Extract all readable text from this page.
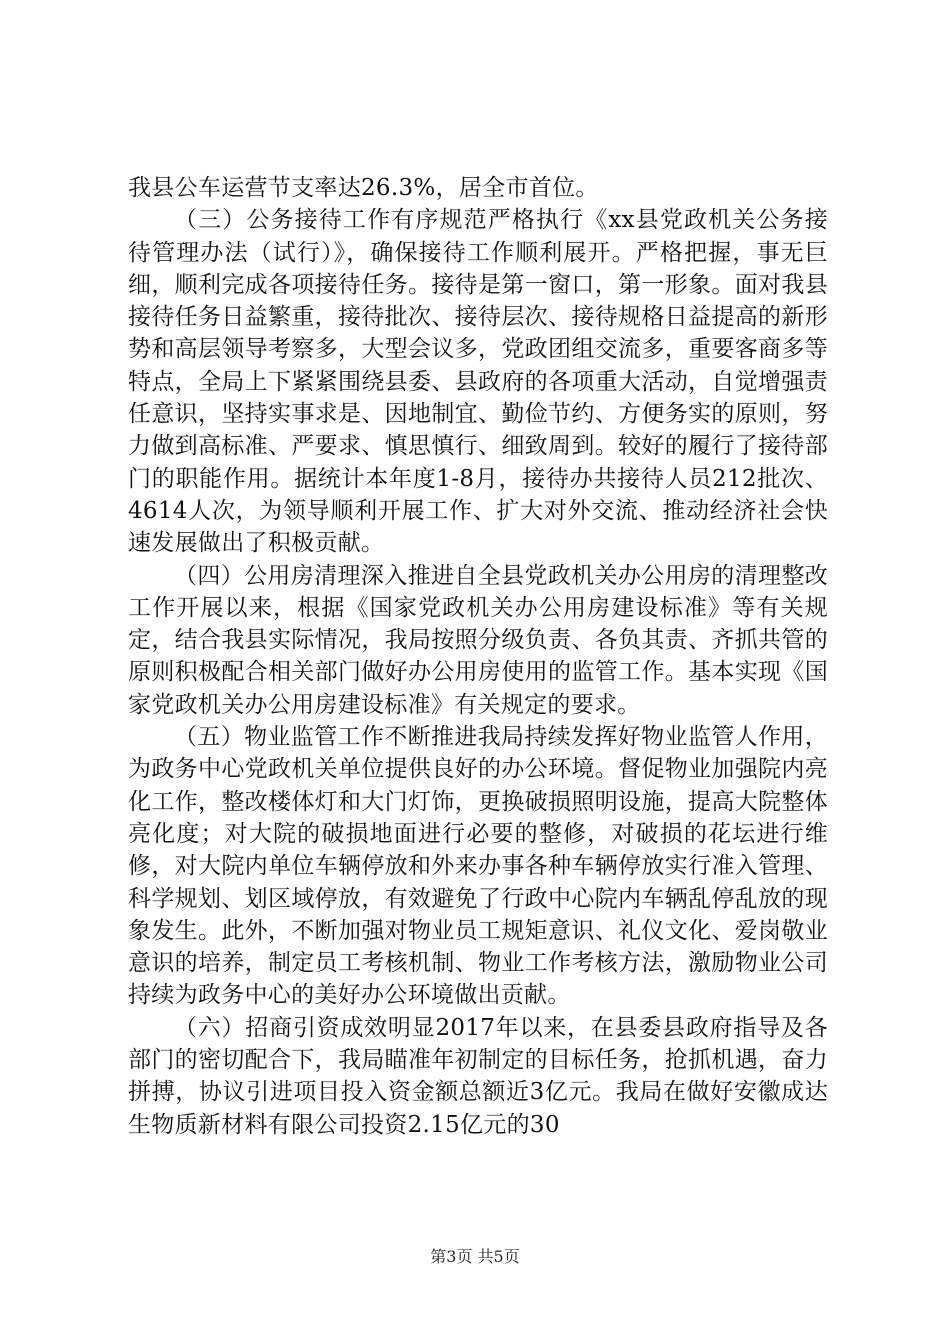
我县公车运营节支率达26.3%，居全市首位。

（三）公务接待工作有序规范严格执行《xx县党政机关公务接待管理办法（试行）》，确保接待工作顺利展开。严格把握，事无巨细，顺利完成各项接待任务。接待是第一窗口，第一形象。面对我县接待任务日益繁重，接待批次、接待层次、接待规格日益提高的新形势和高层领导考察多，大型会议多，党政团组交流多，重要客商多等特点，全局上下紧紧围绕县委、县政府的各项重大活动，自觉增强责任意识，坚持实事求是、因地制宜、勤俭节约、方便务实的原则，努力做到高标准、严要求、慎思慎行、细致周到。较好的履行了接待部门的职能作用。据统计本年度1-8月，接待办共接待人员212批次、4614人次，为领导顺利开展工作、扩大对外交流、推动经济社会快速发展做出了积极贡献。

（四）公用房清理深入推进自全县党政机关办公用房的清理整改工作开展以来，根据《国家党政机关办公用房建设标准》等有关规定，结合我县实际情况，我局按照分级负责、各负其责、齐抓共管的原则积极配合相关部门做好办公用房使用的监管工作。基本实现《国家党政机关办公用房建设标准》有关规定的要求。

（五）物业监管工作不断推进我局持续发挥好物业监管人作用，为政务中心党政机关单位提供良好的办公环境。督促物业加强院内亮化工作，整改楼体灯和大门灯饰，更换破损照明设施，提高大院整体亮化度；对大院的破损地面进行必要的整修，对破损的花坛进行维修，对大院内单位车辆停放和外来办事各种车辆停放实行准入管理、科学规划、划区域停放，有效避免了行政中心院内车辆乱停乱放的现象发生。此外，不断加强对物业员工规矩意识、礼仪文化、爱岗敬业意识的培养，制定员工考核机制、物业工作考核方法，激励物业公司持续为政务中心的美好办公环境做出贡献。

（六）招商引资成效明显2017年以来，在县委县政府指导及各部门的密切配合下，我局瞄准年初制定的目标任务，抢抓机遇，奋力拼搏，协议引进项目投入资金额总额近3亿元。我局在做好安徽成达生物质新材料有限公司投资2.15亿元的30

第3页 共5页
